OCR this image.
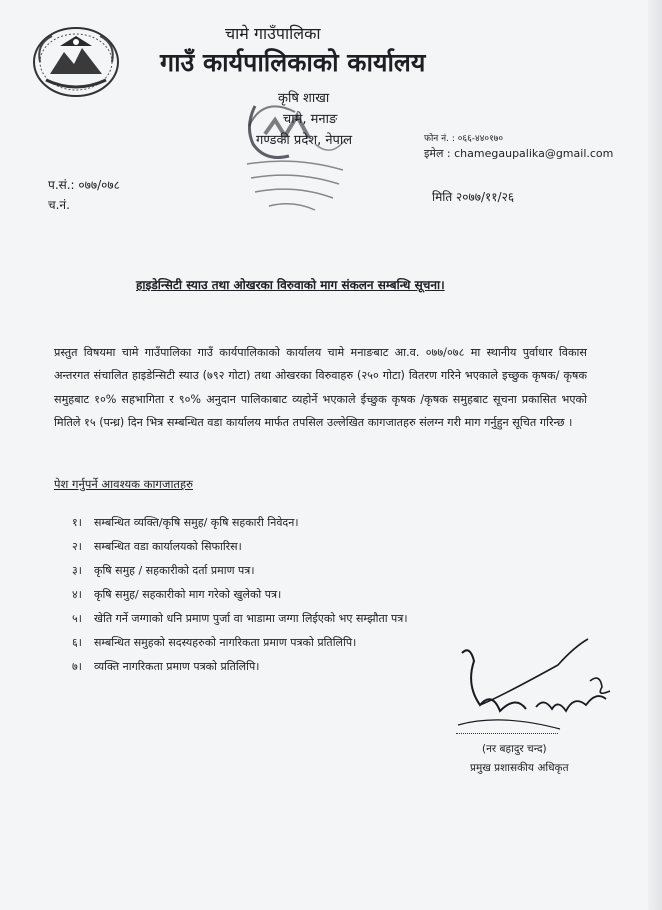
चामे गाउँपालिका
गाउँ कार्यपालिकाको कार्यालय
कृषि शाखा
चामे, मनाङ
गण्डकी प्रदेश, नेपाल	फोन नं. : ०६६-४४०१७०
इमेल : chamegaupalika@gmail.com
प.सं.: ०७७/०७८
च.नं.
मिति २०७७/११/२६
हाइडेन्सिटी स्याउ तथा ओखरका विरुवाको माग संकलन सम्बन्धि सूचना।
प्रस्तुत विषयमा चामे गाउँपालिका गाउँ कार्यपालिकाको कार्यालय चामे मनाङबाट आ.व. ०७७/०७८ मा स्थानीय पुर्वाधार विकास अन्तरगत संचालित हाइडेन्सिटी स्याउ (७९२ गोटा) तथा ओखरका विरुवाहरु (२५० गोटा) वितरण गरिने भएकाले इच्छुक कृषक/ कृषक समुहबाट १०% सहभागिता र ९०% अनुदान पालिकाबाट व्यहोर्ने भएकाले ईच्छुक कृषक /कृषक समुहबाट सूचना प्रकासित भएको मितिले १५ (पन्ध्र) दिन भित्र सम्बन्धित वडा कार्यालय मार्फत तपसिल उल्लेखित कागजातहरु संलग्न गरी माग गर्नुहुन सूचित गरिन्छ ।
पेश गर्नुपर्ने आवश्यक कागजातहरु
१। सम्बन्धित व्यक्ति/कृषि समुह/ कृषि सहकारी निवेदन।
२। सम्बन्धित वडा कार्यालयको सिफारिस।
३। कृषि समुह / सहकारीको दर्ता प्रमाण पत्र।
४। कृषि समुह/ सहकारीको माग गरेको खुलेको पत्र।
५। खेति गर्ने जग्गाको धनि प्रमाण पुर्जा वा भाडामा जग्गा लिईएको भए सम्झौता पत्र।
६। सम्बन्धित समुहको सदस्यहरुको नागरिकता प्रमाण पत्रको प्रतिलिपि।
७। व्यक्ति नागरिकता प्रमाण पत्रको प्रतिलिपि।
(नर बहादुर चन्द)
प्रमुख प्रशासकीय अधिकृत
